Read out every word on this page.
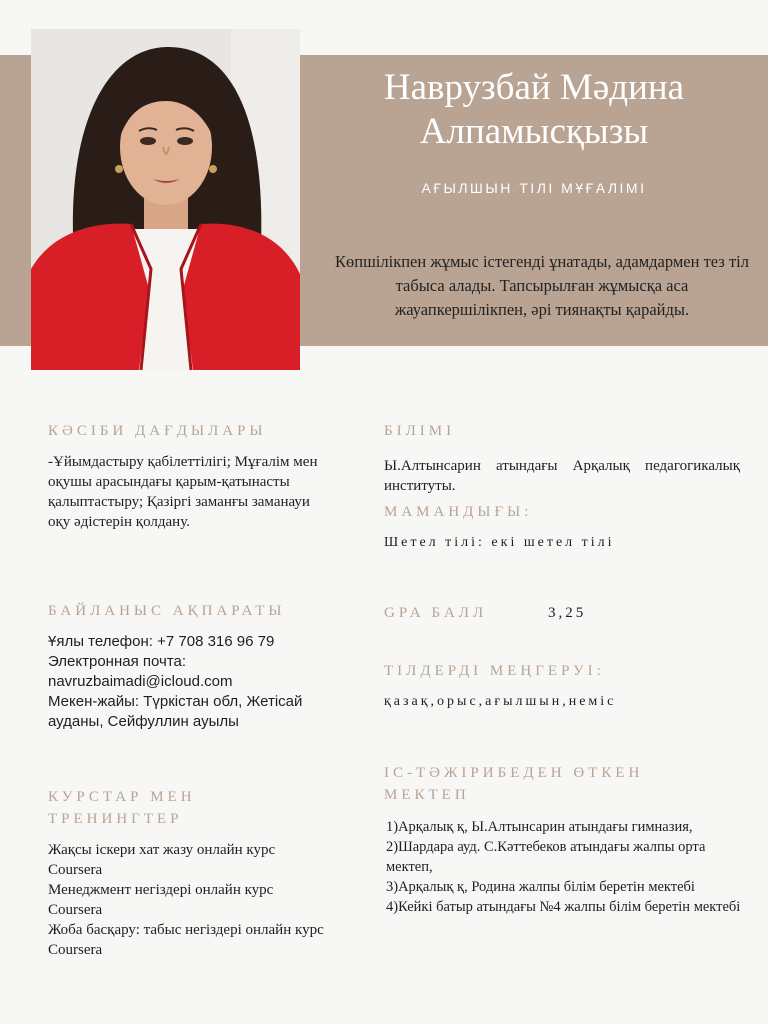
Наврузбай Мәдина
Алпамысқызы
АҒЫЛШЫН ТІЛІ МҰҒАЛІМІ
Көпшілікпен жұмыс істегенді ұнатады, адамдармен тез тіл табыса алады. Тапсырылған жұмысқа аса жауапкершілікпен, әрі тиянақты қарайды.
КӘСІБИ ДАҒДЫЛАРЫ
-Ұйымдастыру қабілеттілігі; Мұғалім мен оқушы арасындағы қарым-қатынасты қалыптастыру; Қазіргі заманғы заманауи оқу әдістерін қолдану.
БАЙЛАНЫС АҚПАРАТЫ
Ұялы телефон: +7 708 316 96 79
Электронная почта:
navruzbaimadi@icloud.com
Мекен-жайы: Түркістан обл, Жетісай ауданы, Сейфуллин ауылы
КУРСТАР МЕН
ТРЕНИНГТЕР
Жақсы іскери хат жазу онлайн курс Coursera
Менеджмент негіздері онлайн курс Coursera
Жоба басқару: табыс негіздері онлайн курс Coursera
БІЛІМІ
Ы.Алтынсарин атындағы Арқалық педагогикалық институты.
МАМАНДЫҒЫ:
Шетел тілі: екі шетел тілі
GPA БАЛЛ	3,25
ТІЛДЕРДІ МЕҢГЕРУІ:
қазақ,орыс,ағылшын,неміс
ІС-ТӘЖІРИБЕДЕН ӨТКЕН
МЕКТЕП
1)Арқалық қ, Ы.Алтынсарин атындағы гимназия,
2)Шардара ауд. С.Кәттебеков атындағы жалпы орта мектеп,
3)Арқалық қ, Родина жалпы білім беретін мектебі
4)Кейкі батыр атындағы №4 жалпы білім беретін мектебі
